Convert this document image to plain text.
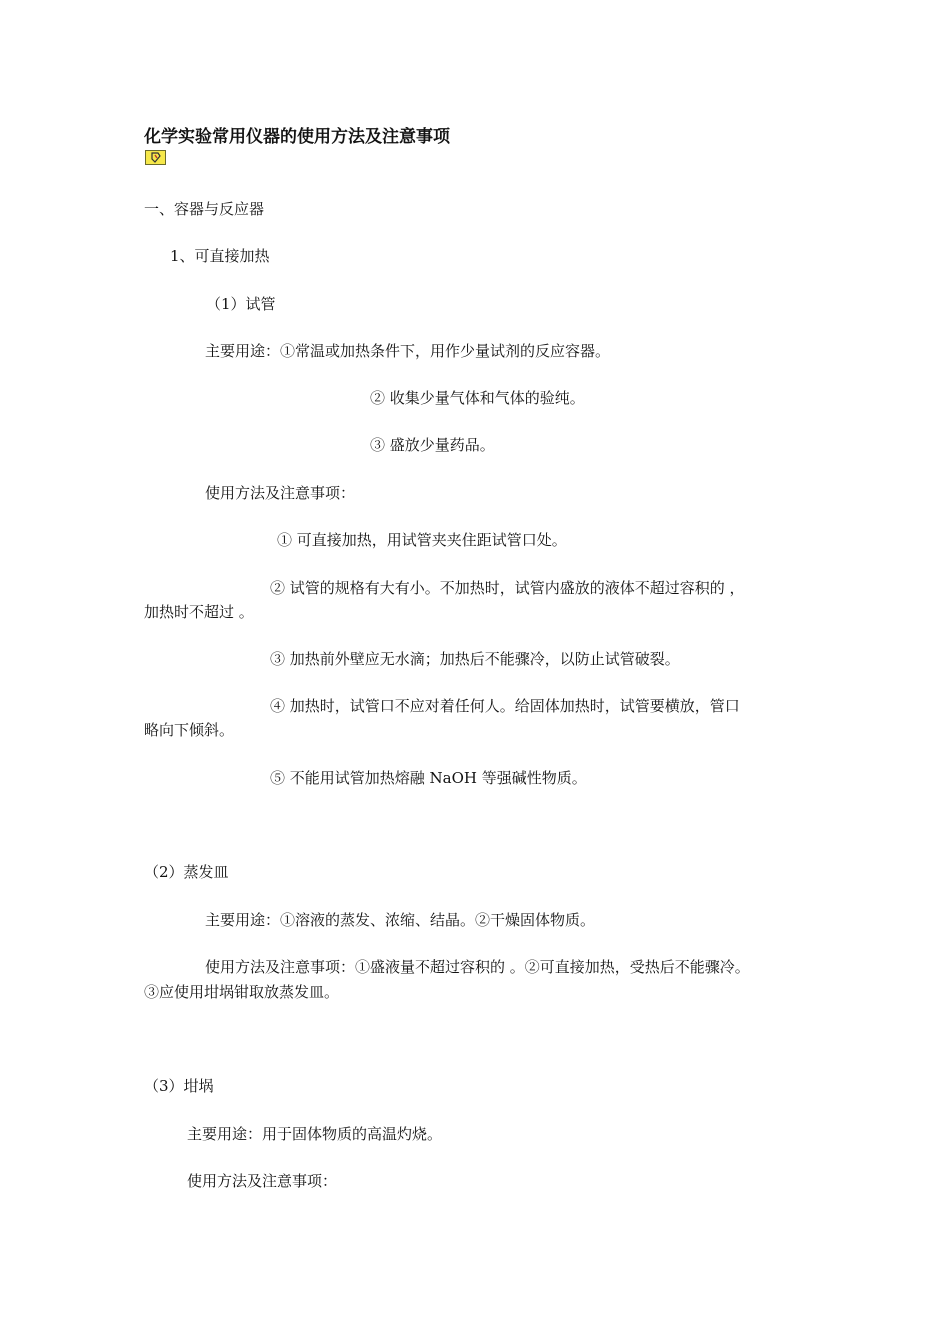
化学实验常用仪器的使用方法及注意事项
一、容器与反应器
1、可直接加热
（1）试管
主要用途：①常温或加热条件下，用作少量试剂的反应容器。
② 收集少量气体和气体的验纯。
③ 盛放少量药品。
使用方法及注意事项：
① 可直接加热，用试管夹夹住距试管口处。
② 试管的规格有大有小。不加热时，试管内盛放的液体不超过容积的 ，
加热时不超过 。
③ 加热前外壁应无水滴；加热后不能骤冷，以防止试管破裂。
④ 加热时，试管口不应对着任何人。给固体加热时，试管要横放，管口
略向下倾斜。
⑤ 不能用试管加热熔融 NaOH 等强碱性物质。
（2）蒸发皿
主要用途：①溶液的蒸发、浓缩、结晶。②干燥固体物质。
使用方法及注意事项：①盛液量不超过容积的 。②可直接加热，受热后不能骤冷。
③应使用坩埚钳取放蒸发皿。
（3）坩埚
主要用途：用于固体物质的高温灼烧。
使用方法及注意事项：
